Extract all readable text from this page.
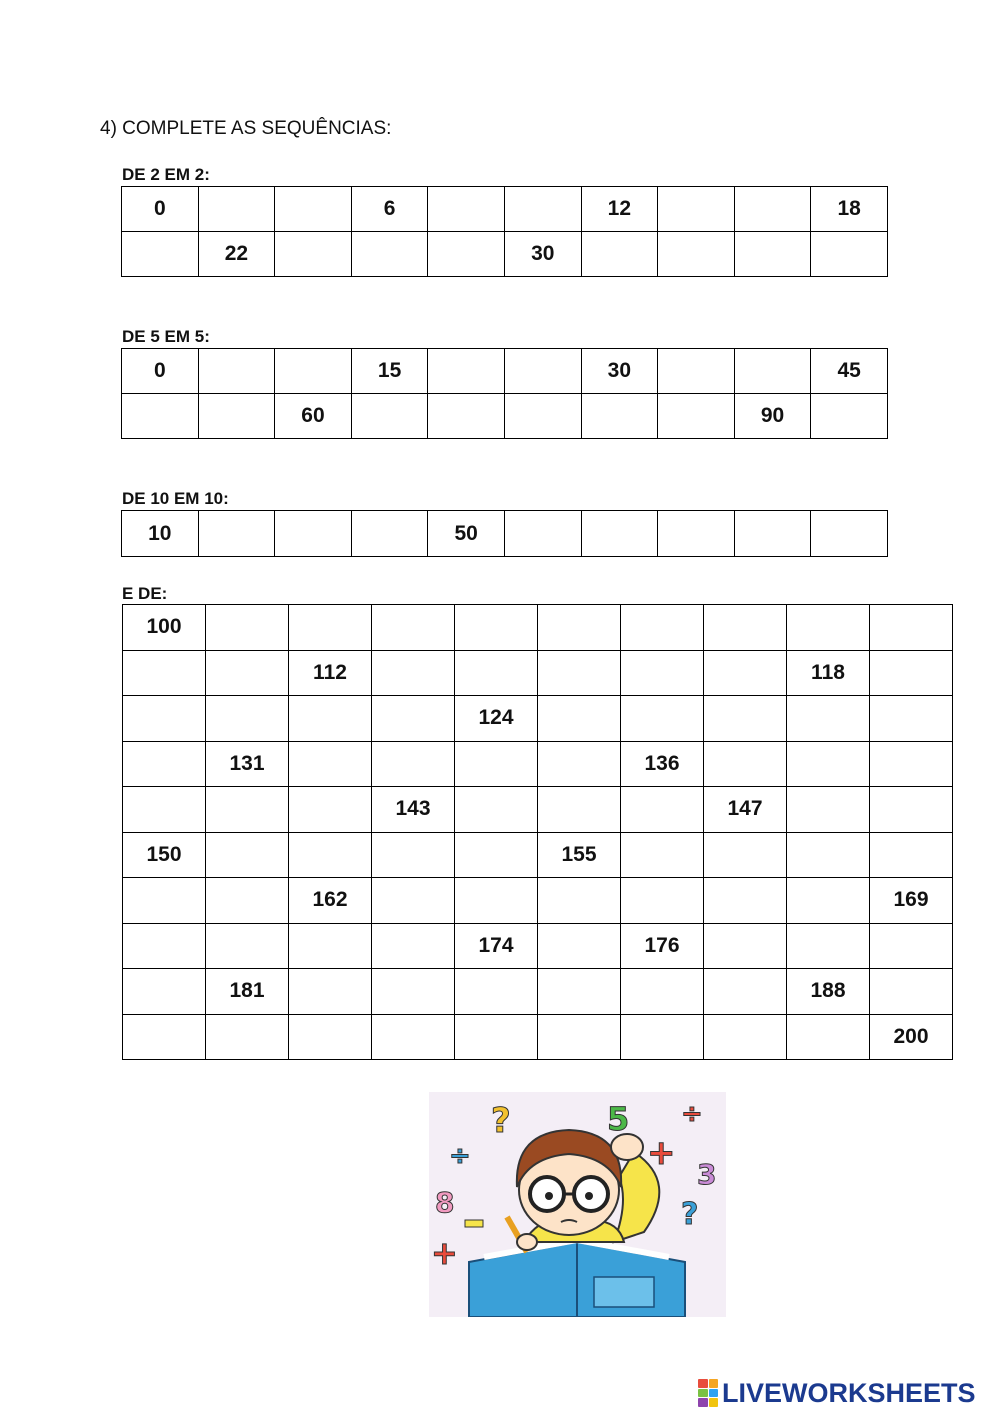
4) COMPLETE AS SEQUÊNCIAS:
DE 2 EM 2:
0			6			12			18
	22				30				
DE 5 EM 5:
0			15			30			45
		60						90	
DE 10 EM 10:
10				50					
E DE:
100									
		112						118	
				124					
	131					136			
			143				147		
150					155				
		162							169
				174		176			
	181							188	
									200
?	5 ÷
÷	+
3
8	?
+
LIVEWORKSHEETS
